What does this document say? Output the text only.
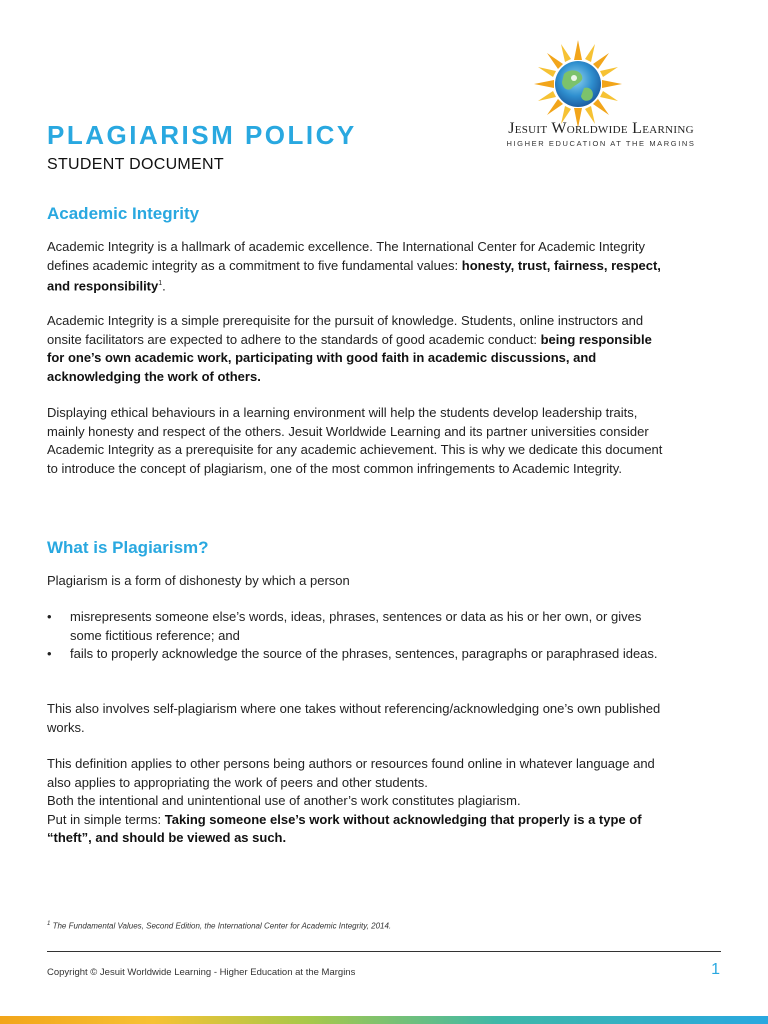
PLAGIARISM POLICY
STUDENT DOCUMENT
Jesuit Worldwide Learning
HIGHER EDUCATION AT THE MARGINS
Academic Integrity

Academic Integrity is a hallmark of academic excellence. The International Center for Academic Integrity defines academic integrity as a commitment to five fundamental values: honesty, trust, fairness, respect, and responsibility$^1$.

Academic Integrity is a simple prerequisite for the pursuit of knowledge. Students, online instructors and onsite facilitators are expected to adhere to the standards of good academic conduct: being responsible for one’s own academic work, participating with good faith in academic discussions, and acknowledging the work of others.

Displaying ethical behaviours in a learning environment will help the students develop leadership traits, mainly honesty and respect of the others. Jesuit Worldwide Learning and its partner universities consider Academic Integrity as a prerequisite for any academic achievement. This is why we dedicate this document to introduce the concept of plagiarism, one of the most common infringements to Academic Integrity.

What is Plagiarism?

Plagiarism is a form of dishonesty by which a person

• misrepresents someone else’s words, ideas, phrases, sentences or data as his or her own, or gives some fictitious reference; and
• fails to properly acknowledge the source of the phrases, sentences, paragraphs or paraphrased ideas.

This also involves self-plagiarism where one takes without referencing/acknowledging one’s own published works.

This definition applies to other persons being authors or resources found online in whatever language and also applies to appropriating the work of peers and other students.
Both the intentional and unintentional use of another’s work constitutes plagiarism.
Put in simple terms: Taking someone else’s work without acknowledging that properly is a type of “theft”, and should be viewed as such.

$^1$ The Fundamental Values, Second Edition, the International Center for Academic Integrity, 2014.
Copyright © Jesuit Worldwide Learning - Higher Education at the Margins	1
